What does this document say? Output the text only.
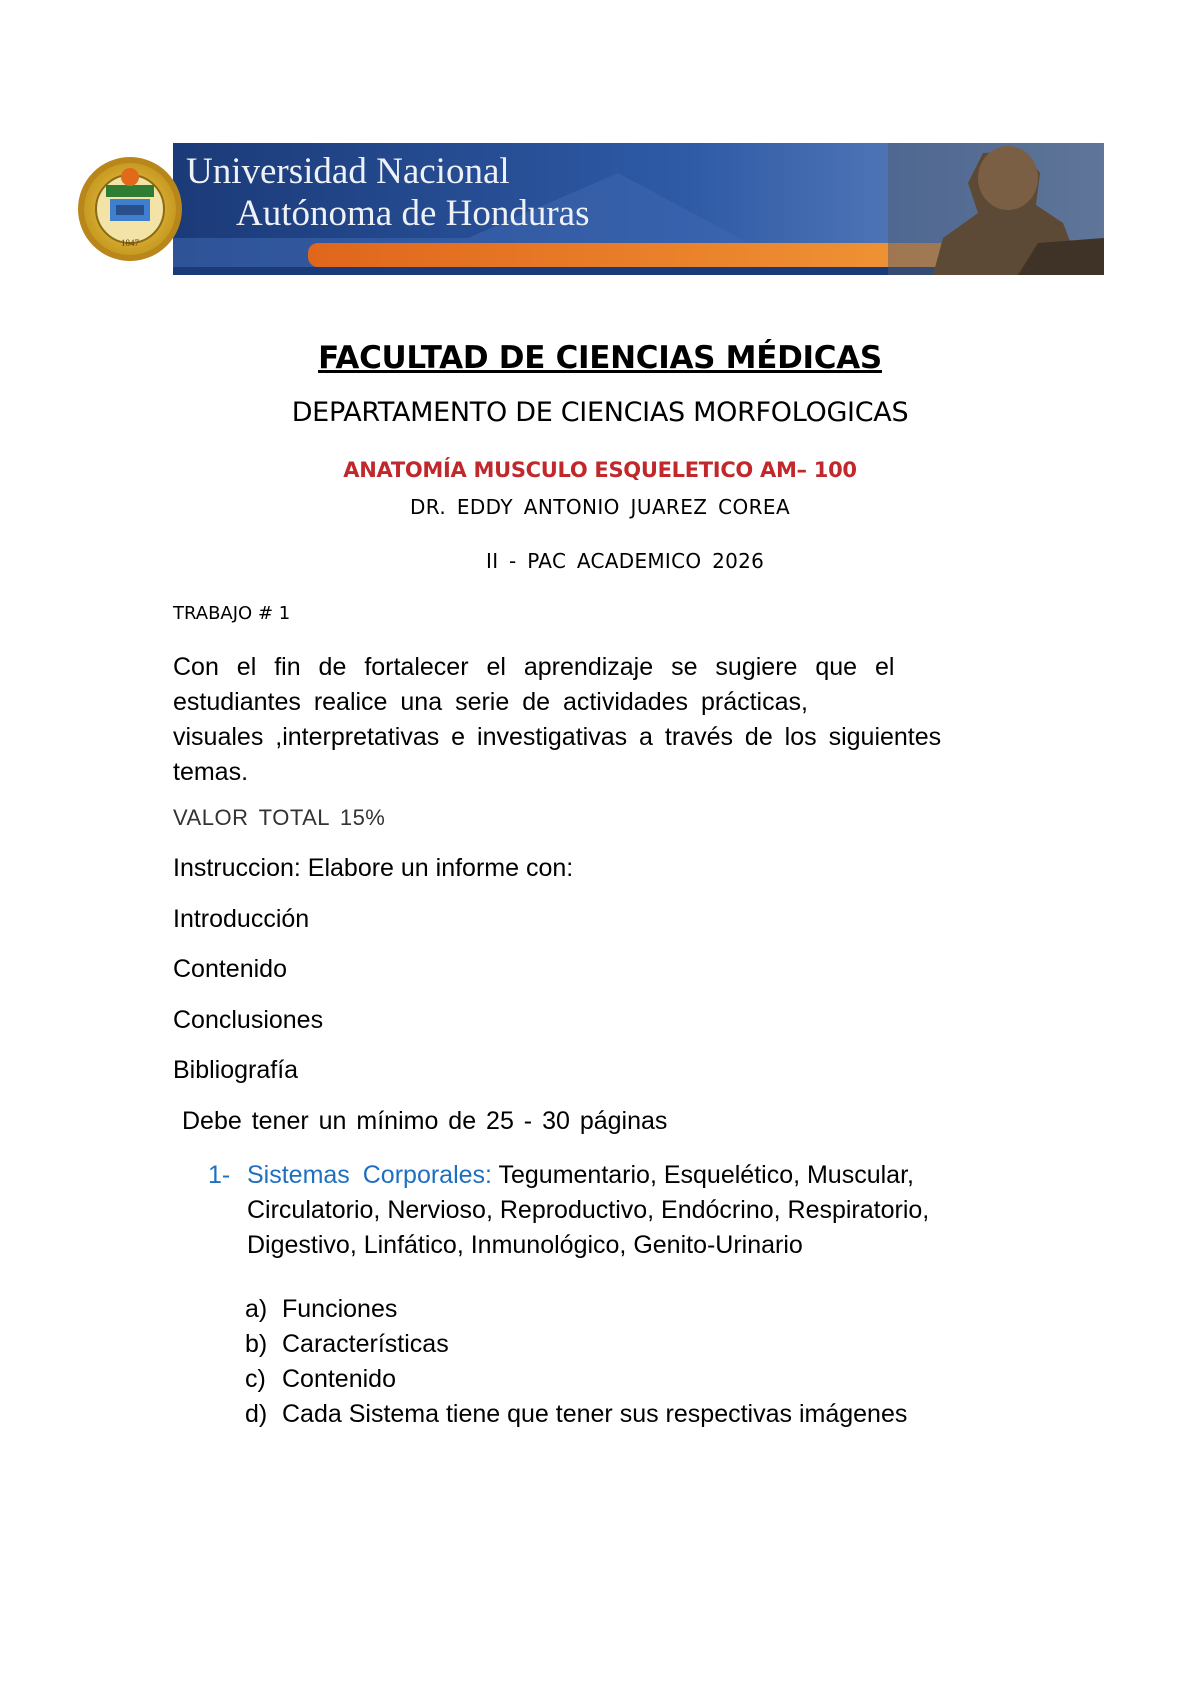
1847
Universidad Nacional
Autónoma de Honduras
FACULTAD DE CIENCIAS MÉDICAS
DEPARTAMENTO DE CIENCIAS MORFOLOGICAS
ANATOMÍA MUSCULO ESQUELETICO AM– 100
DR. EDDY ANTONIO JUAREZ COREA
II - PAC ACADEMICO 2026
TRABAJO # 1
Con el fin de fortalecer el aprendizaje se sugiere que el
estudiantes realice una serie de actividades prácticas,
visuales ,interpretativas e investigativas a través de los siguientes
temas.
VALOR TOTAL 15%
Instruccion: Elabore un informe con:
Introducción
Contenido
Conclusiones
Bibliografía
Debe tener un mínimo de 25 - 30 páginas
1- Sistemas Corporales: Tegumentario, Esquelético, Muscular,
Circulatorio, Nervioso, Reproductivo, Endócrino, Respiratorio,
Digestivo, Linfático, Inmunológico, Genito-Urinario
a) Funciones
b) Características
c) Contenido
d) Cada Sistema tiene que tener sus respectivas imágenes
